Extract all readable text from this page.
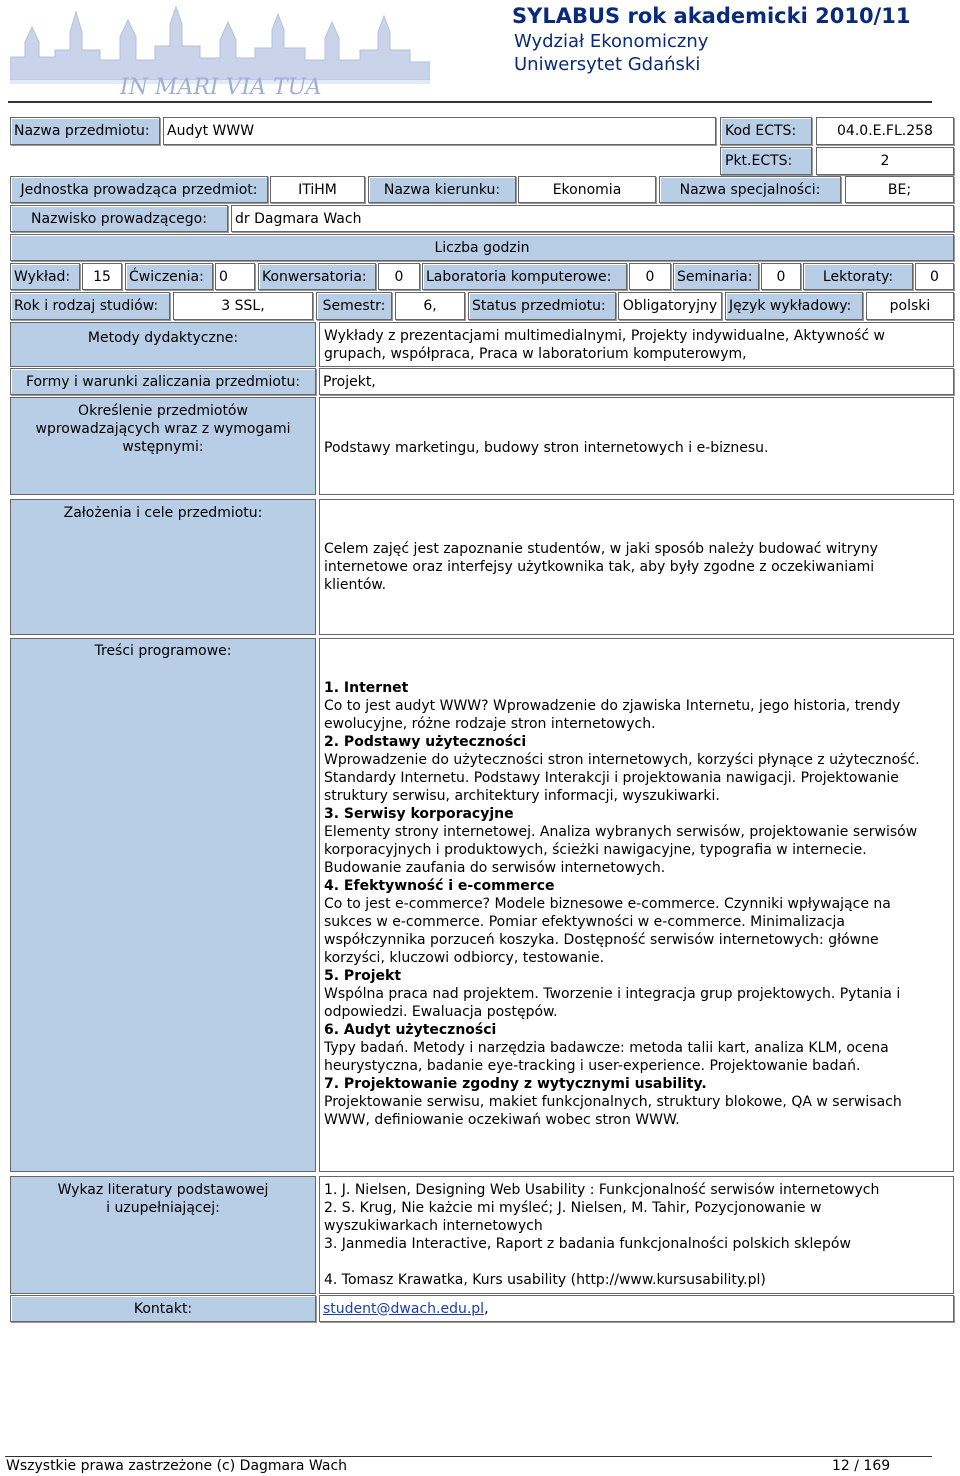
IN MARI VIA TUA
SYLABUS rok akademicki 2010/11
Wydział Ekonomiczny
Uniwersytet Gdański
Nazwa przedmiotu:	Audyt WWW	Kod ECTS:	04.0.E.FL.258
Pkt.ECTS:	2
Jednostka prowadząca przedmiot:	ITiHM	Nazwa kierunku:	Ekonomia	Nazwa specjalności:	BE;
Nazwisko prowadzącego:	dr Dagmara Wach
Liczba godzin
Wykład:	15	Ćwiczenia:	0	Konwersatoria:	0	Laboratoria komputerowe:	0	Seminaria:	0	Lektoraty:	0
Rok i rodzaj studiów:	3 SSL,	Semestr:	6,	Status przedmiotu:	Obligatoryjny Język wykładowy:	polski
Metody dydaktyczne:	Wykłady z prezentacjami multimedialnymi, Projekty indywidualne, Aktywność w
grupach, współpraca, Praca w laboratorium komputerowym,
Formy i warunki zaliczania przedmiotu:	Projekt,
Określenie przedmiotów
wprowadzających wraz z wymogami
wstępnymi:	Podstawy marketingu, budowy stron internetowych i e-biznesu.
Założenia i cele przedmiotu:
Celem zajęć jest zapoznanie studentów, w jaki sposób należy budować witryny
internetowe oraz interfejsy użytkownika tak, aby były zgodne z oczekiwaniami
klientów.
Treści programowe:
1. Internet
Co to jest audyt WWW? Wprowadzenie do zjawiska Internetu, jego historia, trendy
ewolucyjne, różne rodzaje stron internetowych.
2. Podstawy użyteczności
Wprowadzenie do użyteczności stron internetowych, korzyści płynące z użyteczność.
Standardy Internetu. Podstawy Interakcji i projektowania nawigacji. Projektowanie
struktury serwisu, architektury informacji, wyszukiwarki.
3. Serwisy korporacyjne
Elementy strony internetowej. Analiza wybranych serwisów, projektowanie serwisów
korporacyjnych i produktowych, ścieżki nawigacyjne, typografia w internecie.
Budowanie zaufania do serwisów internetowych.
4. Efektywność i e-commerce
Co to jest e-commerce? Modele biznesowe e-commerce. Czynniki wpływające na
sukces w e-commerce. Pomiar efektywności w e-commerce. Minimalizacja
współczynnika porzuceń koszyka. Dostępność serwisów internetowych: główne
korzyści, kluczowi odbiorcy, testowanie.
5. Projekt
Wspólna praca nad projektem. Tworzenie i integracja grup projektowych. Pytania i
odpowiedzi. Ewaluacja postępów.
6. Audyt użyteczności
Typy badań. Metody i narzędzia badawcze: metoda talii kart, analiza KLM, ocena
heurystyczna, badanie eye-tracking i user-experience. Projektowanie badań.
7. Projektowanie zgodny z wytycznymi usability.
Projektowanie serwisu, makiet funkcjonalnych, struktury blokowe, QA w serwisach
WWW, definiowanie oczekiwań wobec stron WWW.
Wykaz literatury podstawowej
i uzupełniającej:
1. J. Nielsen, Designing Web Usability : Funkcjonalność serwisów internetowych
2. S. Krug, Nie każcie mi myśleć; J. Nielsen, M. Tahir, Pozycjonowanie w
wyszukiwarkach internetowych
3. Janmedia Interactive, Raport z badania funkcjonalności polskich sklepów
4. Tomasz Krawatka, Kurs usability (http://www.kursusability.pl)
Kontakt:	student@dwach.edu.pl ,
Wszystkie prawa zastrzeżone (c) Dagmara Wach	12 / 169
